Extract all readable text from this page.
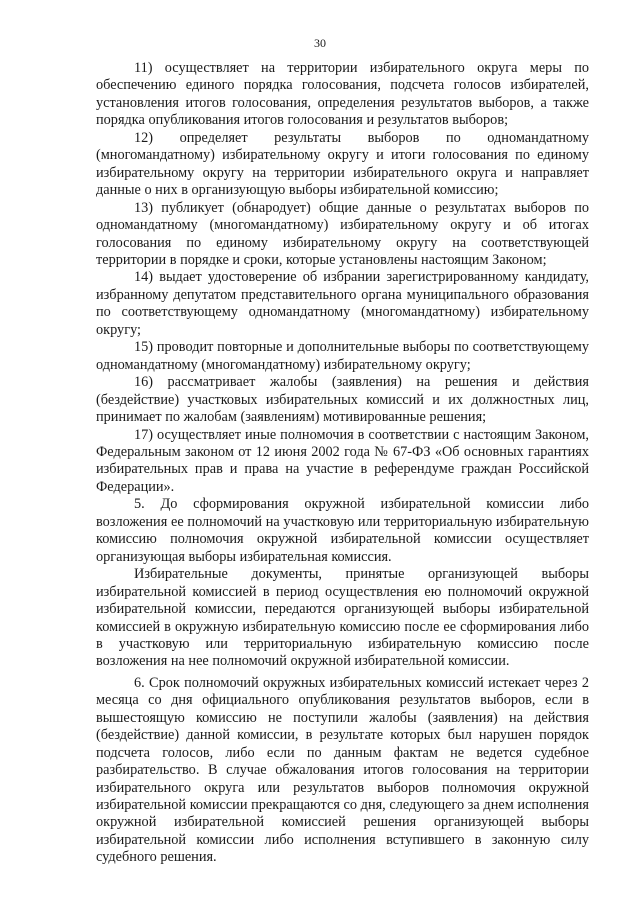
30

11) осуществляет на территории избирательного округа меры по обеспечению единого порядка голосования, подсчета голосов избирателей, установления итогов голосования, определения результатов выборов, а также порядка опубликования итогов голосования и результатов выборов;

12) определяет результаты выборов по одномандатному (многомандатному) избирательному округу и итоги голосования по единому избирательному округу на территории избирательного округа и направляет данные о них в организующую выборы избирательной комиссию;

13) публикует (обнародует) общие данные о результатах выборов по одномандатному (многомандатному) избирательному округу и об итогах голосования по единому избирательному округу на соответствующей территории в порядке и сроки, которые установлены настоящим Законом;

14) выдает удостоверение об избрании зарегистрированному кандидату, избранному депутатом представительного органа муниципального образования по соответствующему одномандатному (многомандатному) избирательному округу;

15) проводит повторные и дополнительные выборы по соответствующему одномандатному (многомандатному) избирательному округу;

16) рассматривает жалобы (заявления) на решения и действия (бездействие) участковых избирательных комиссий и их должностных лиц, принимает по жалобам (заявлениям) мотивированные решения;

17) осуществляет иные полномочия в соответствии с настоящим Законом, Федеральным законом от 12 июня 2002 года № 67-ФЗ «Об основных гарантиях избирательных прав и права на участие в референдуме граждан Российской Федерации».

5. До сформирования окружной избирательной комиссии либо возложения ее полномочий на участковую или территориальную избирательную комиссию полномочия окружной избирательной комиссии осуществляет организующая выборы избирательная комиссия.

Избирательные документы, принятые организующей выборы избирательной комиссией в период осуществления ею полномочий окружной избирательной комиссии, передаются организующей выборы избирательной комиссией в окружную избирательную комиссию после ее сформирования либо в участковую или территориальную избирательную комиссию после возложения на нее полномочий окружной избирательной комиссии.

6. Срок полномочий окружных избирательных комиссий истекает через 2 месяца со дня официального опубликования результатов выборов, если в вышестоящую комиссию не поступили жалобы (заявления) на действия (бездействие) данной комиссии, в результате которых был нарушен порядок подсчета голосов, либо если по данным фактам не ведется судебное разбирательство. В случае обжалования итогов голосования на территории избирательного округа или результатов выборов полномочия окружной избирательной комиссии прекращаются со дня, следующего за днем исполнения окружной избирательной комиссией решения организующей выборы избирательной комиссии либо исполнения вступившего в законную силу судебного решения.
